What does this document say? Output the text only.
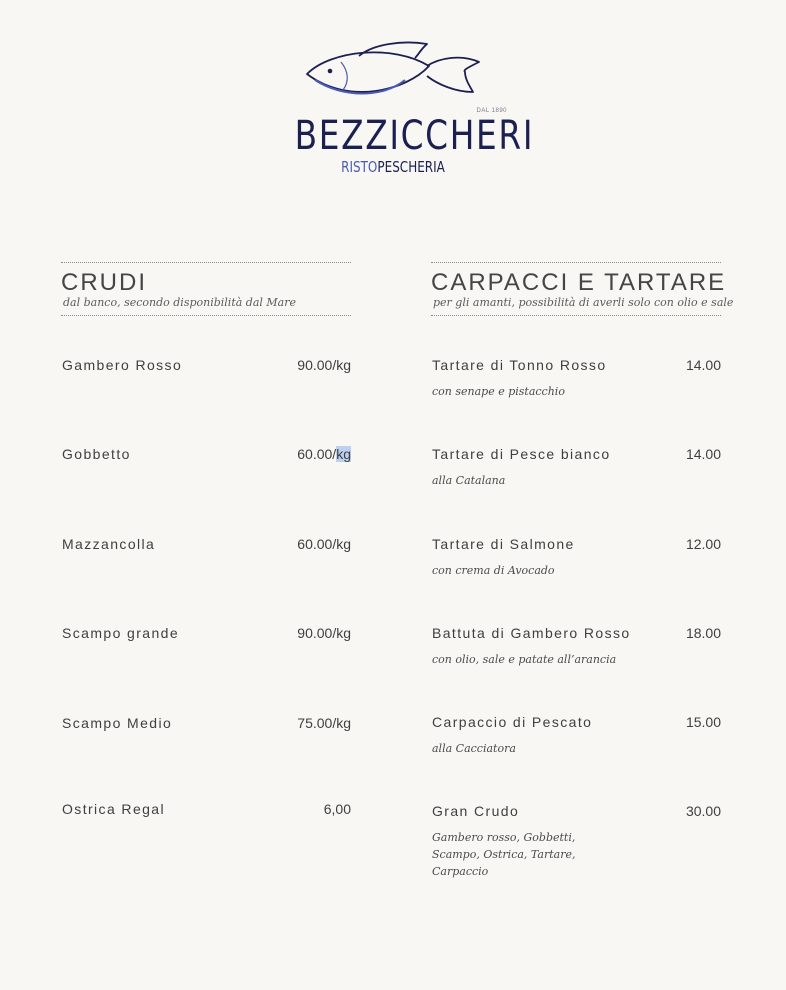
DAL 1890
BEZZICCHERI
RISTOPESCHERIA
CRUDI
dal banco, secondo disponibilità dal Mare
Gambero Rosso	90.00/kg
Gobbetto	60.00/kg
Mazzancolla	60.00/kg
Scampo grande	90.00/kg
Scampo Medio	75.00/kg
Ostrica Regal	6,00
CARPACCI E TARTARE
per gli amanti, possibilità di averli solo con olio e sale
Tartare di Tonno Rosso	14.00
con senape e pistacchio
Tartare di Pesce bianco	14.00
alla Catalana
Tartare di Salmone	12.00
con crema di Avocado
Battuta di Gambero Rosso	18.00
con olio, sale e patate all’arancia
Carpaccio di Pescato	15.00
alla Cacciatora
Gran Crudo	30.00
Gambero rosso, Gobbetti, Scampo, Ostrica, Tartare, Carpaccio
